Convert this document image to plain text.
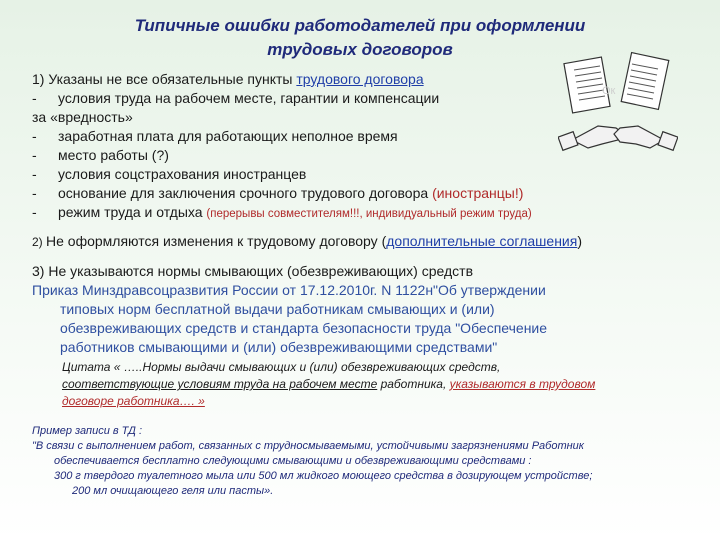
Типичные ошибки работодателей при оформлении
трудовых договоров
Ок
1) Указаны не все обязательные пункты трудового договора
- условия труда на рабочем месте, гарантии и компенсации
за «вредность»
- заработная плата для работающих неполное время
- место работы (?)
- условия соцстрахования иностранцев
- основание для заключения срочного трудового договора (иностранцы!)
- режим труда и отдыха (перерывы совместителям!!!, индивидуальный режим труда)
2) Не оформляются изменения к трудовому договору (дополнительные соглашения)
3) Не указываются нормы смывающих (обезвреживающих) средств
Приказ Минздравсоцразвития России от 17.12.2010г. N 1122н"Об утверждении
типовых норм бесплатной выдачи работникам смывающих и (или)
обезвреживающих средств и стандарта безопасности труда "Обеспечение
работников смывающими и (или) обезвреживающими средствами"
Цитата « …..Нормы выдачи смывающих и (или) обезвреживающих средств,
соответствующие условиям труда на рабочем месте работника, указываются в трудовом
договоре работника…. »
Пример записи в ТД :
"В связи с выполнением работ, связанных с трудносмываемыми, устойчивыми загрязнениями Работник
обеспечивается бесплатно следующими смывающими и обезвреживающими средствами :
300 г твердого туалетного мыла или 500 мл жидкого моющего средства в дозирующем устройстве;
200 мл очищающего геля или пасты».
